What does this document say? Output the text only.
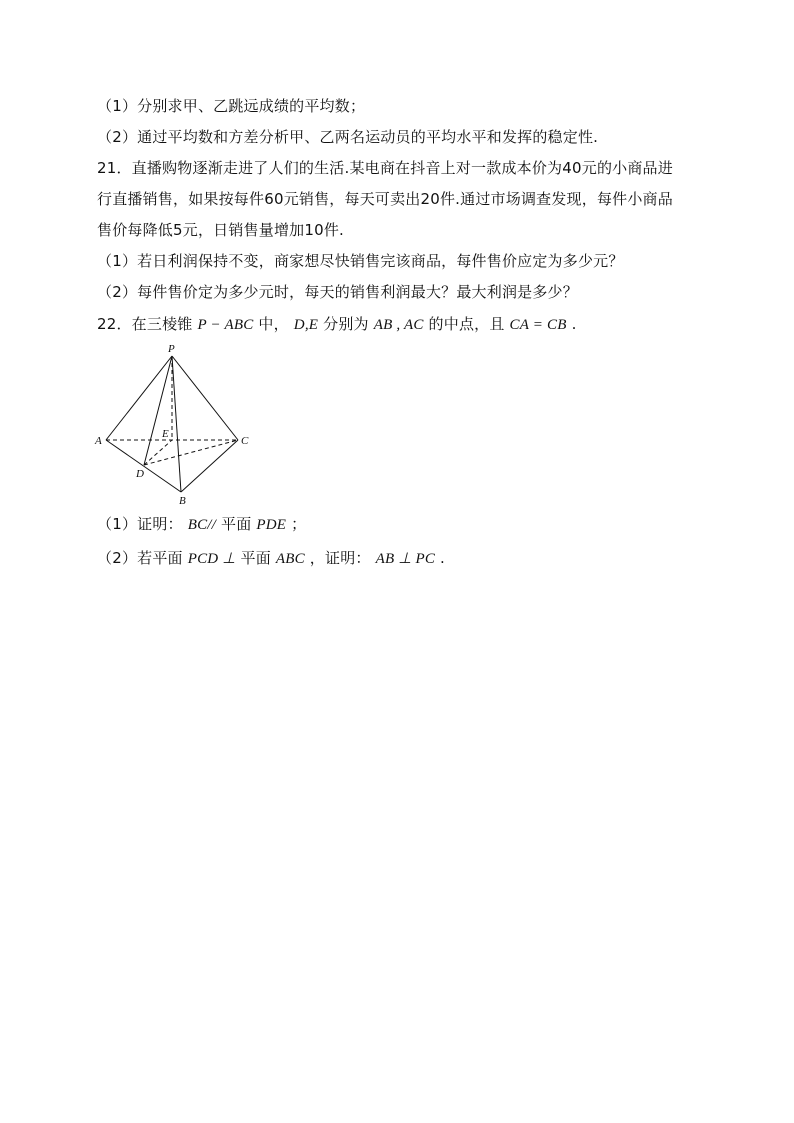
（1）分别求甲、乙跳远成绩的平均数；
（2）通过平均数和方差分析甲、乙两名运动员的平均水平和发挥的稳定性.
21．直播购物逐渐走进了人们的生活.某电商在抖音上对一款成本价为40元的小商品进
行直播销售，如果按每件60元销售，每天可卖出20件.通过市场调查发现，每件小商品
售价每降低5元，日销售量增加10件.
（1）若日利润保持不变，商家想尽快销售完该商品，每件售价应定为多少元？
（2）每件售价定为多少元时，每天的销售利润最大？最大利润是多少？
22．在三棱锥 P − ABC 中， D,E 分别为 AB , AC 的中点，且 CA = CB .
P
A	C
E
D
B
（1）证明： BC// 平面 PDE ；
（2）若平面 PCD ⊥ 平面 ABC ，证明： AB ⊥ PC .
